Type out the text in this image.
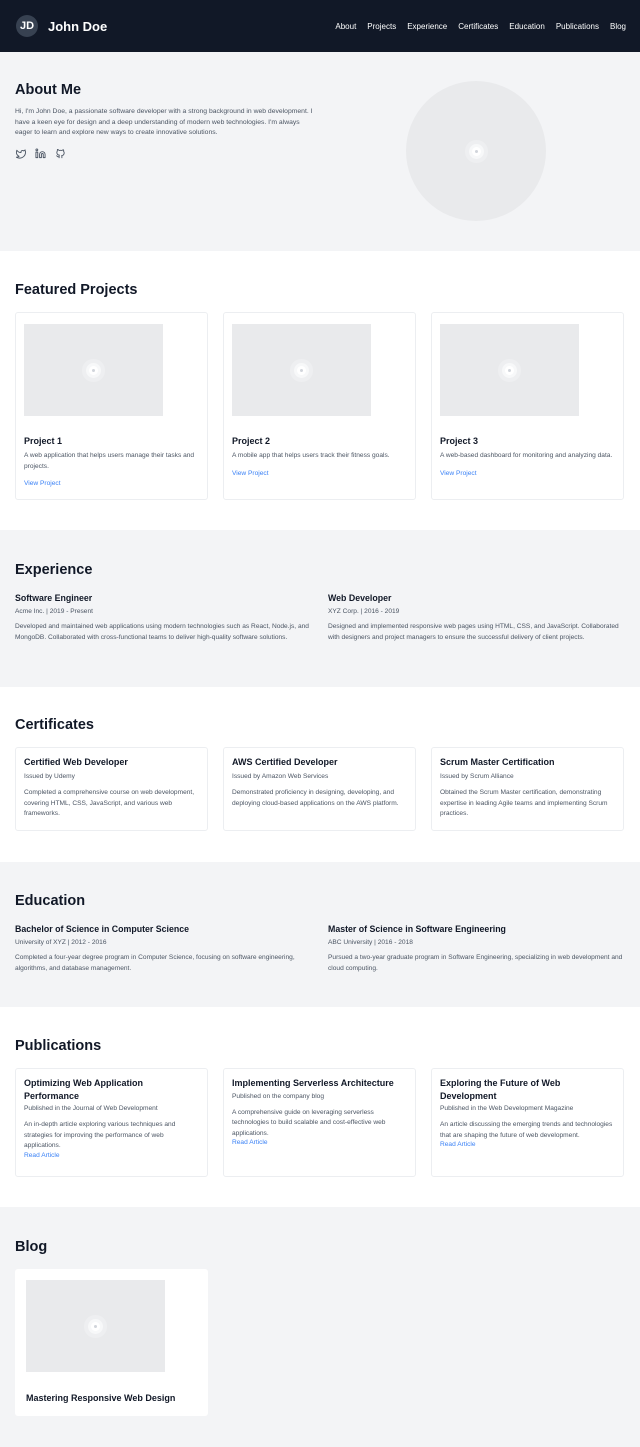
JD	John Doe	About Projects Experience Certificates Education Publications Blog
About Me

Hi, I'm John Doe, a passionate software developer with a strong background in web development. I have a keen eye for design and a deep understanding of modern web technologies. I'm always eager to learn and explore new ways to create innovative solutions.

Featured Projects
Project 1
A web application that helps users manage their tasks and projects.
View Project
Project 2
A mobile app that helps users track their fitness goals.
View Project
Project 3
A web-based dashboard for monitoring and analyzing data.
View Project
Experience
Software Engineer
Acme Inc. | 2019 - Present
Developed and maintained web applications using modern technologies such as React, Node.js, and MongoDB. Collaborated with cross-functional teams to deliver high-quality software solutions.
Web Developer
XYZ Corp. | 2016 - 2019
Designed and implemented responsive web pages using HTML, CSS, and JavaScript. Collaborated with designers and project managers to ensure the successful delivery of client projects.
Certificates
Certified Web Developer
Issued by Udemy
Completed a comprehensive course on web development, covering HTML, CSS, JavaScript, and various web frameworks.
AWS Certified Developer
Issued by Amazon Web Services
Demonstrated proficiency in designing, developing, and deploying cloud-based applications on the AWS platform.
Scrum Master Certification
Issued by Scrum Alliance
Obtained the Scrum Master certification, demonstrating expertise in leading Agile teams and implementing Scrum practices.
Education
Bachelor of Science in Computer Science
University of XYZ | 2012 - 2016
Completed a four-year degree program in Computer Science, focusing on software engineering, algorithms, and database management.
Master of Science in Software Engineering
ABC University | 2016 - 2018
Pursued a two-year graduate program in Software Engineering, specializing in web development and cloud computing.
Publications
Optimizing Web Application Performance
Published in the Journal of Web Development
An in-depth article exploring various techniques and strategies for improving the performance of web applications.
Read Article
Implementing Serverless Architecture
Published on the company blog
A comprehensive guide on leveraging serverless technologies to build scalable and cost-effective web applications.
Read Article
Exploring the Future of Web Development
Published in the Web Development Magazine
An article discussing the emerging trends and technologies that are shaping the future of web development.
Read Article
Blog
Mastering Responsive Web Design
